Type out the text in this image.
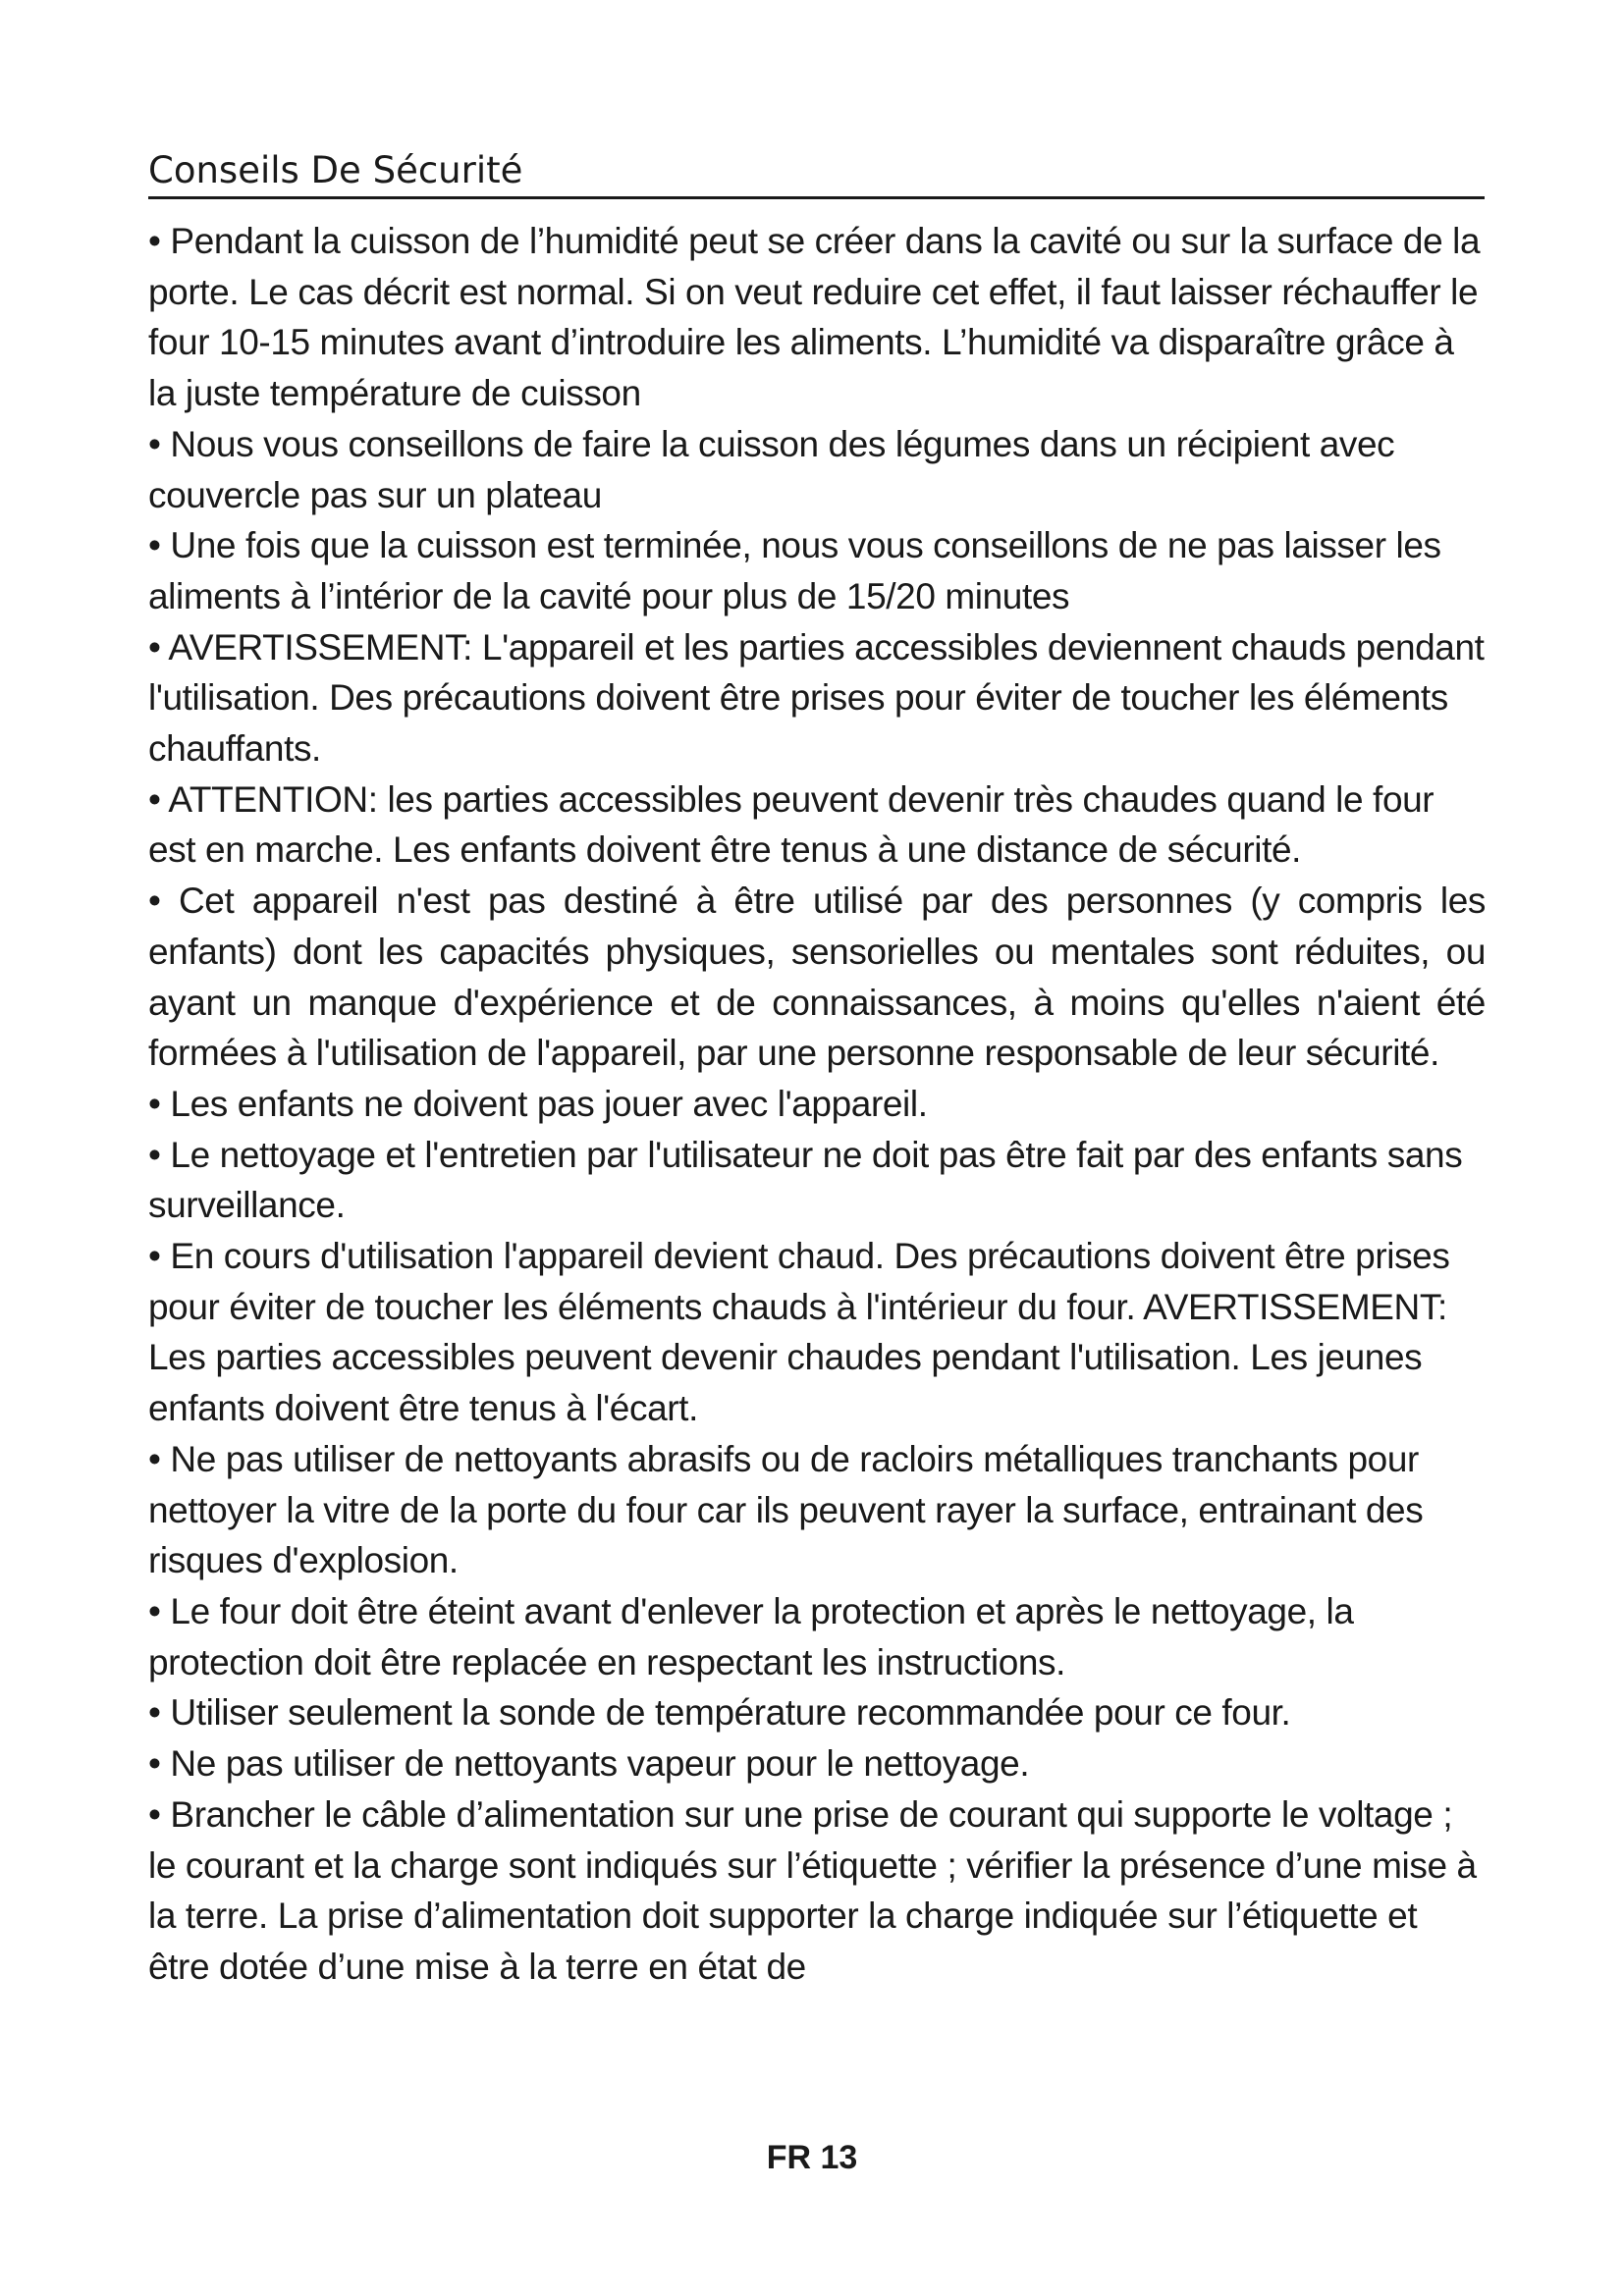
Conseils De Sécurité

• Pendant la cuisson de l’humidité peut se créer dans la cavité ou sur la surface de la porte. Le cas décrit est normal. Si on veut reduire cet effet, il faut laisser réchauffer le four 10-15 minutes avant d’introduire les aliments. L’humidité va disparaître grâce à la juste température de cuisson

• Nous vous conseillons de faire la cuisson des légumes dans un récipient avec couvercle pas sur un plateau

• Une fois que la cuisson est terminée, nous vous conseillons de ne pas laisser les aliments à l’intérior de la cavité pour plus de 15/20 minutes

• AVERTISSEMENT: L'appareil et les parties accessibles deviennent chauds pendant l'utilisation. Des précautions doivent être prises pour éviter de toucher les éléments chauffants.

• ATTENTION: les parties accessibles peuvent devenir très chaudes quand le four est en marche. Les enfants doivent être tenus à une distance de sécurité.

• Cet appareil n'est pas destiné à être utilisé par des personnes (y compris les enfants) dont les capacités physiques, sensorielles ou mentales sont réduites, ou ayant un manque d'expérience et de connaissances, à moins qu'elles n'aient été formées à l'utilisation de l'appareil, par une personne responsable de leur sécurité.

• Les enfants ne doivent pas jouer avec l'appareil.

• Le nettoyage et l'entretien par l'utilisateur ne doit pas être fait par des enfants sans surveillance.

• En cours d'utilisation l'appareil devient chaud. Des précautions doivent être prises pour éviter de toucher les éléments chauds à l'intérieur du four. AVERTISSEMENT: Les parties accessibles peuvent devenir chaudes pendant l'utilisation. Les jeunes enfants doivent être tenus à l'écart.

• Ne pas utiliser de nettoyants abrasifs ou de racloirs métalliques tranchants pour nettoyer la vitre de la porte du four car ils peuvent rayer la surface, entrainant des risques d'explosion.

• Le four doit être éteint avant d'enlever la protection et après le nettoyage, la protection doit être replacée en respectant les instructions.

• Utiliser seulement la sonde de température recommandée pour ce four.

• Ne pas utiliser de nettoyants vapeur pour le nettoyage.

• Brancher le câble d’alimentation sur une prise de courant qui supporte le voltage ; le courant et la charge sont indiqués sur l’étiquette ; vérifier la présence d’une mise à la terre. La prise d’alimentation doit supporter la charge indiquée sur l’étiquette et être dotée d’une mise à la terre en état de

FR 13
